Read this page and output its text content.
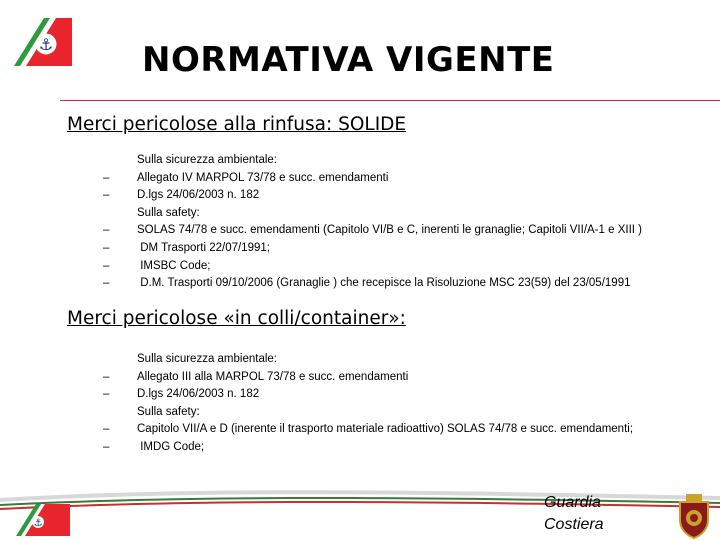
⚓	NORMATIVA VIGENTE
Merci pericolose alla rinfusa: SOLIDE
Sulla sicurezza ambientale:
– Allegato IV MARPOL 73/78 e succ. emendamenti
– D.lgs 24/06/2003 n. 182
Sulla safety:
– SOLAS 74/78 e succ. emendamenti (Capitolo VI/B e C, inerenti le granaglie; Capitoli VII/A-1 e XIII )
– DM Trasporti 22/07/1991;
– IMSBC Code;
– D.M. Trasporti 09/10/2006 (Granaglie ) che recepisce la Risoluzione MSC 23(59) del 23/05/1991
Merci pericolose «in colli/container»:
Sulla sicurezza ambientale:
– Allegato III alla MARPOL 73/78 e succ. emendamenti
– D.lgs 24/06/2003 n. 182
Sulla safety:
– Capitolo VII/A e D (inerente il trasporto materiale radioattivo) SOLAS 74/78 e succ. emendamenti;
– IMDG Code;
⚓
Guardia
Costiera
